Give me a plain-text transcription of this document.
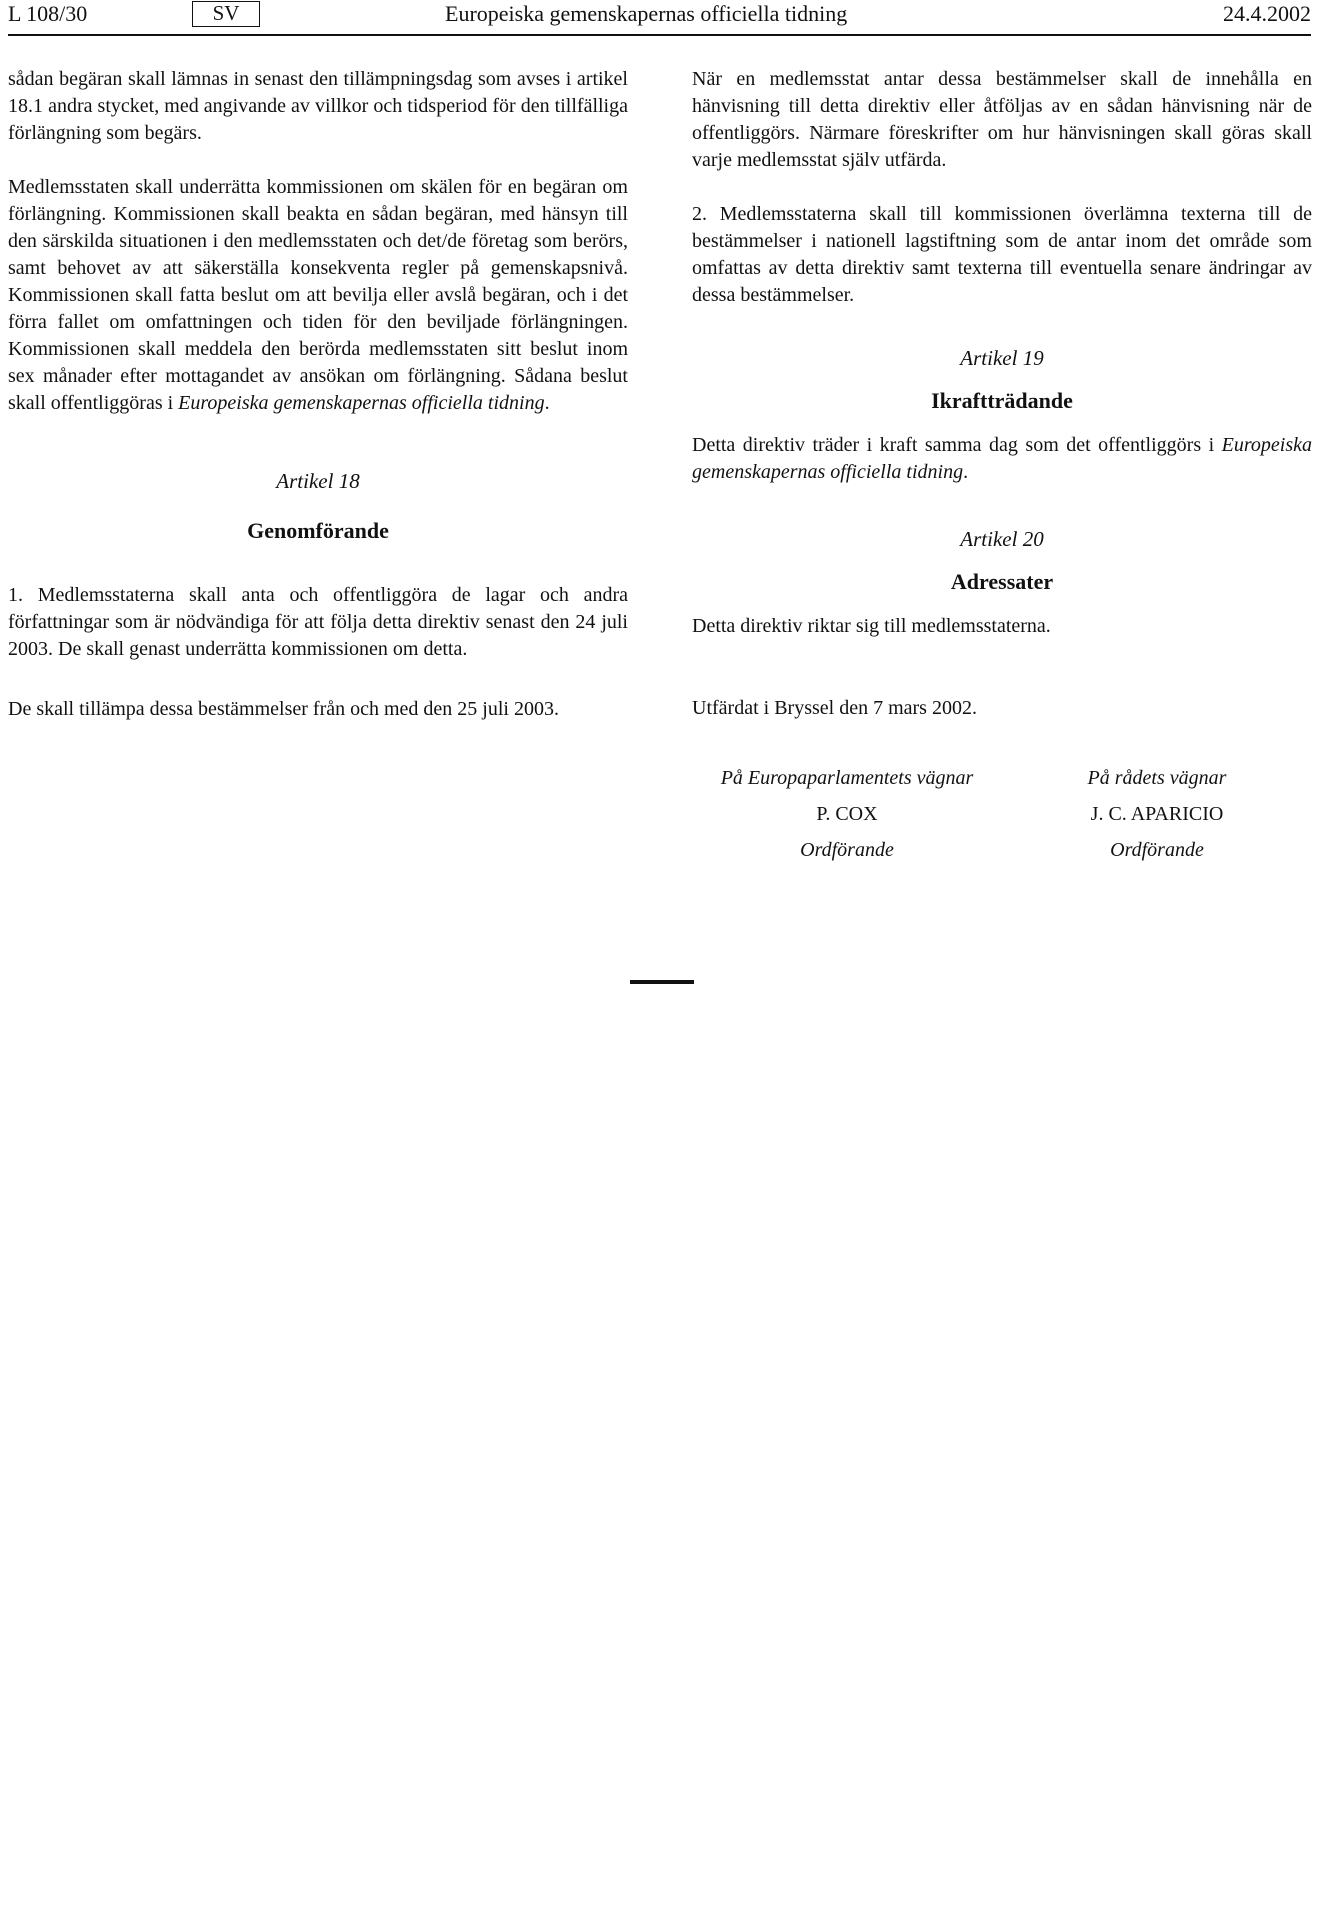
L 108/30	SV	Europeiska gemenskapernas officiella tidning	24.4.2002

sådan begäran skall lämnas in senast den tillämpningsdag som avses i artikel 18.1 andra stycket, med angivande av villkor och tidsperiod för den tillfälliga förlängning som begärs.

Medlemsstaten skall underrätta kommissionen om skälen för en begäran om förlängning. Kommissionen skall beakta en sådan begäran, med hänsyn till den särskilda situationen i den medlemsstaten och det/de företag som berörs, samt behovet av att säkerställa konsekventa regler på gemenskapsnivå. Kommissionen skall fatta beslut om att bevilja eller avslå begäran, och i det förra fallet om omfattningen och tiden för den beviljade förlängningen. Kommissionen skall meddela den berörda medlemsstaten sitt beslut inom sex månader efter mottagandet av ansökan om förlängning. Sådana beslut skall offentliggöras i Europeiska gemenskapernas officiella tidning.

Artikel 18
Genomförande

1. Medlemsstaterna skall anta och offentliggöra de lagar och andra författningar som är nödvändiga för att följa detta direktiv senast den 24 juli 2003. De skall genast underrätta kommissionen om detta.

De skall tillämpa dessa bestämmelser från och med den 25 juli 2003.

När en medlemsstat antar dessa bestämmelser skall de innehålla en hänvisning till detta direktiv eller åtföljas av en sådan hänvisning när de offentliggörs. Närmare föreskrifter om hur hänvisningen skall göras skall varje medlemsstat själv utfärda.

2. Medlemsstaterna skall till kommissionen överlämna texterna till de bestämmelser i nationell lagstiftning som de antar inom det område som omfattas av detta direktiv samt texterna till eventuella senare ändringar av dessa bestämmelser.

Artikel 19
Ikraftträdande

Detta direktiv träder i kraft samma dag som det offentliggörs i Europeiska gemenskapernas officiella tidning.

Artikel 20
Adressater

Detta direktiv riktar sig till medlemsstaterna.

Utfärdat i Bryssel den 7 mars 2002.

På Europaparlamentets vägnar
P. COX
Ordförande
På rådets vägnar
J. C. APARICIO
Ordförande
